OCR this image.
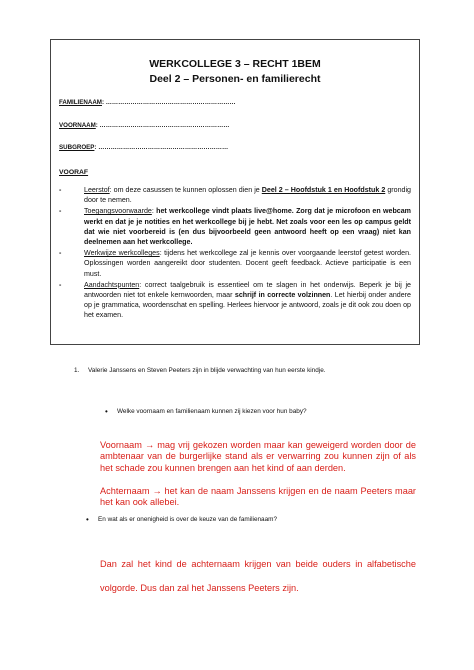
WERKCOLLEGE 3 – RECHT 1BEM
Deel 2 – Personen- en familierecht
FAMILIENAAM: ………………………………………………………
VOORNAAM: ………………………………………………………
SUBGROEP: ………………………………………………………
VOORAF
-	Leerstof: om deze casussen te kunnen oplossen dien je Deel 2 – Hoofdstuk 1 en Hoofdstuk 2 grondig door te nemen.
-	Toegangsvoorwaarde: het werkcollege vindt plaats live@home. Zorg dat je microfoon en webcam werkt en dat je je notities en het werkcollege bij je hebt. Net zoals voor een les op campus geldt dat wie niet voorbereid is (en dus bijvoorbeeld geen antwoord heeft op een vraag) niet kan deelnemen aan het werkcollege.
-	Werkwijze werkcolleges: tijdens het werkcollege zal je kennis over voorgaande leerstof getest worden. Oplossingen worden aangereikt door studenten. Docent geeft feedback. Actieve participatie is een must.
-	Aandachtspunten: correct taalgebruik is essentieel om te slagen in het onderwijs. Beperk je bij je antwoorden niet tot enkele kernwoorden, maar schrijf in correcte volzinnen. Let hierbij onder andere op je grammatica, woordenschat en spelling. Herlees hiervoor je antwoord, zoals je dit ook zou doen op het examen.
1. Valerie Janssens en Steven Peeters zijn in blijde verwachting van hun eerste kindje.
• Welke voornaam en familienaam kunnen zij kiezen voor hun baby?
Voornaam → mag vrij gekozen worden maar kan geweigerd worden door de ambtenaar van de burgerlijke stand als er verwarring zou kunnen zijn of als het schade zou kunnen brengen aan het kind of aan derden.
Achternaam → het kan de naam Janssens krijgen en de naam Peeters maar het kan ook allebei.
• En wat als er onenigheid is over de keuze van de familienaam?
Dan zal het kind de achternaam krijgen van beide ouders in alfabetische volgorde. Dus dan zal het Janssens Peeters zijn.
